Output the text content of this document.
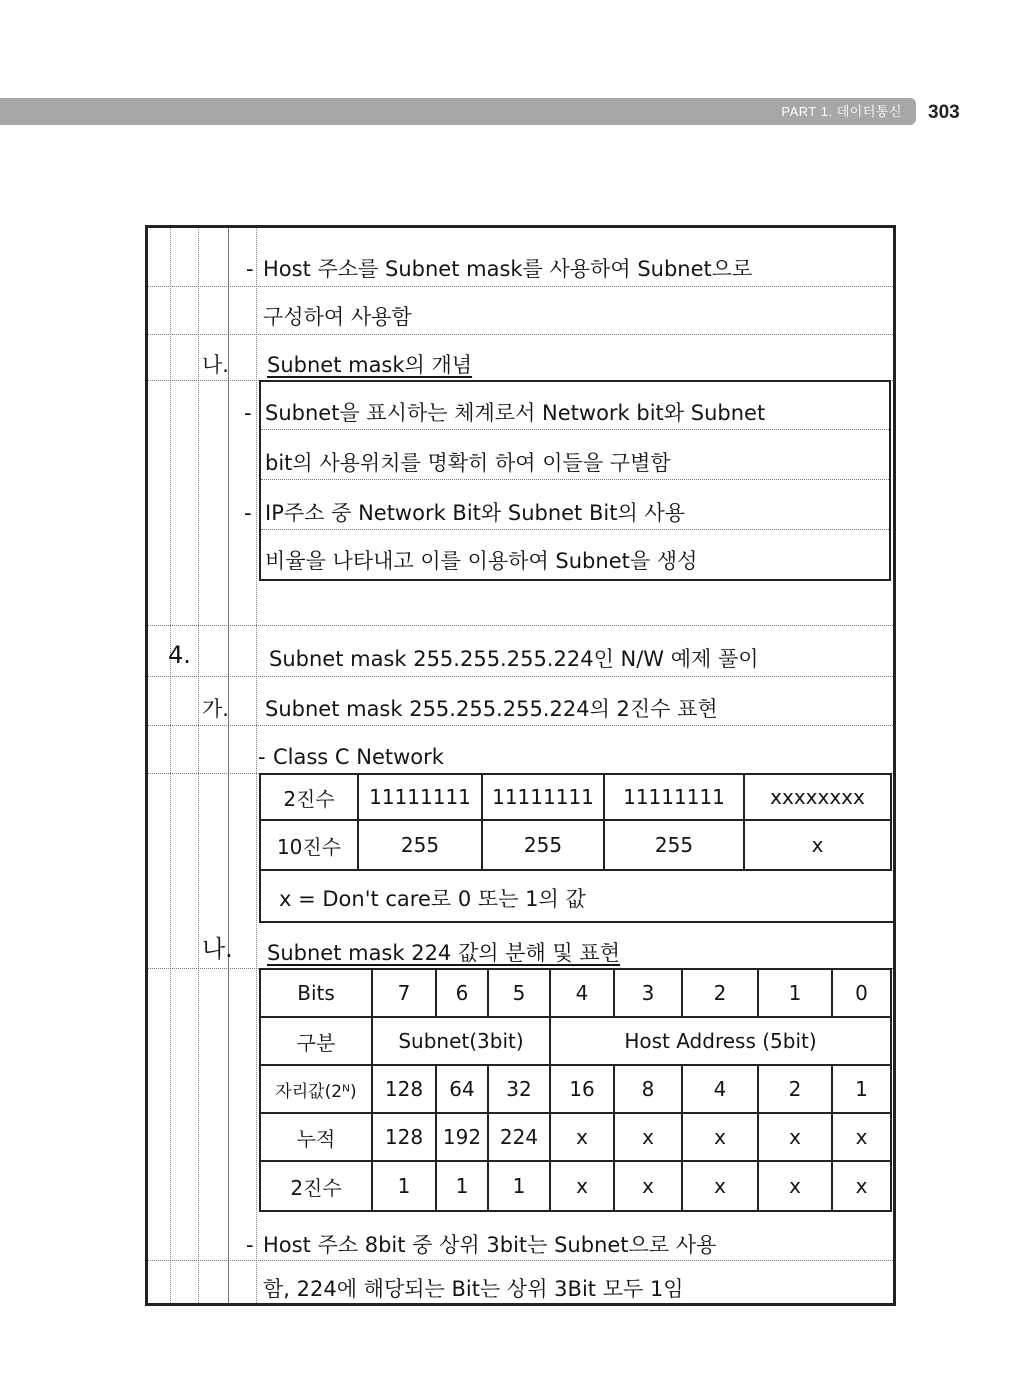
PART 1. 데이터통신 303
- Host 주소를 Subnet mask를 사용하여 Subnet으로
구성하여 사용함
나. Subnet mask의 개념
- Subnet을 표시하는 체계로서 Network bit와 Subnet
bit의 사용위치를 명확히 하여 이들을 구별함
- IP주소 중 Network Bit와 Subnet Bit의 사용
비율을 나타내고 이를 이용하여 Subnet을 생성
4.	Subnet mask 255.255.255.224인 N/W 예제 풀이
가. Subnet mask 255.255.255.224의 2진수 표현
- Class C Network
2진수	11111111	11111111	11111111	xxxxxxxx
10진수	255	255	255	x
x = Don't care로 0 또는 1의 값
나. Subnet mask 224 값의 분해 및 표현
Bits	7	6	5	4	3	2	1	0
구분	Subnet(3bit)			Host Address (5bit)				
자리값(2ᴺ)	128	64	32	16	8	4	2	1
누적	128	192	224	x	x	x	x	x
2진수	1	1	1	x	x	x	x	x
- Host 주소 8bit 중 상위 3bit는 Subnet으로 사용
함, 224에 해당되는 Bit는 상위 3Bit 모두 1임
